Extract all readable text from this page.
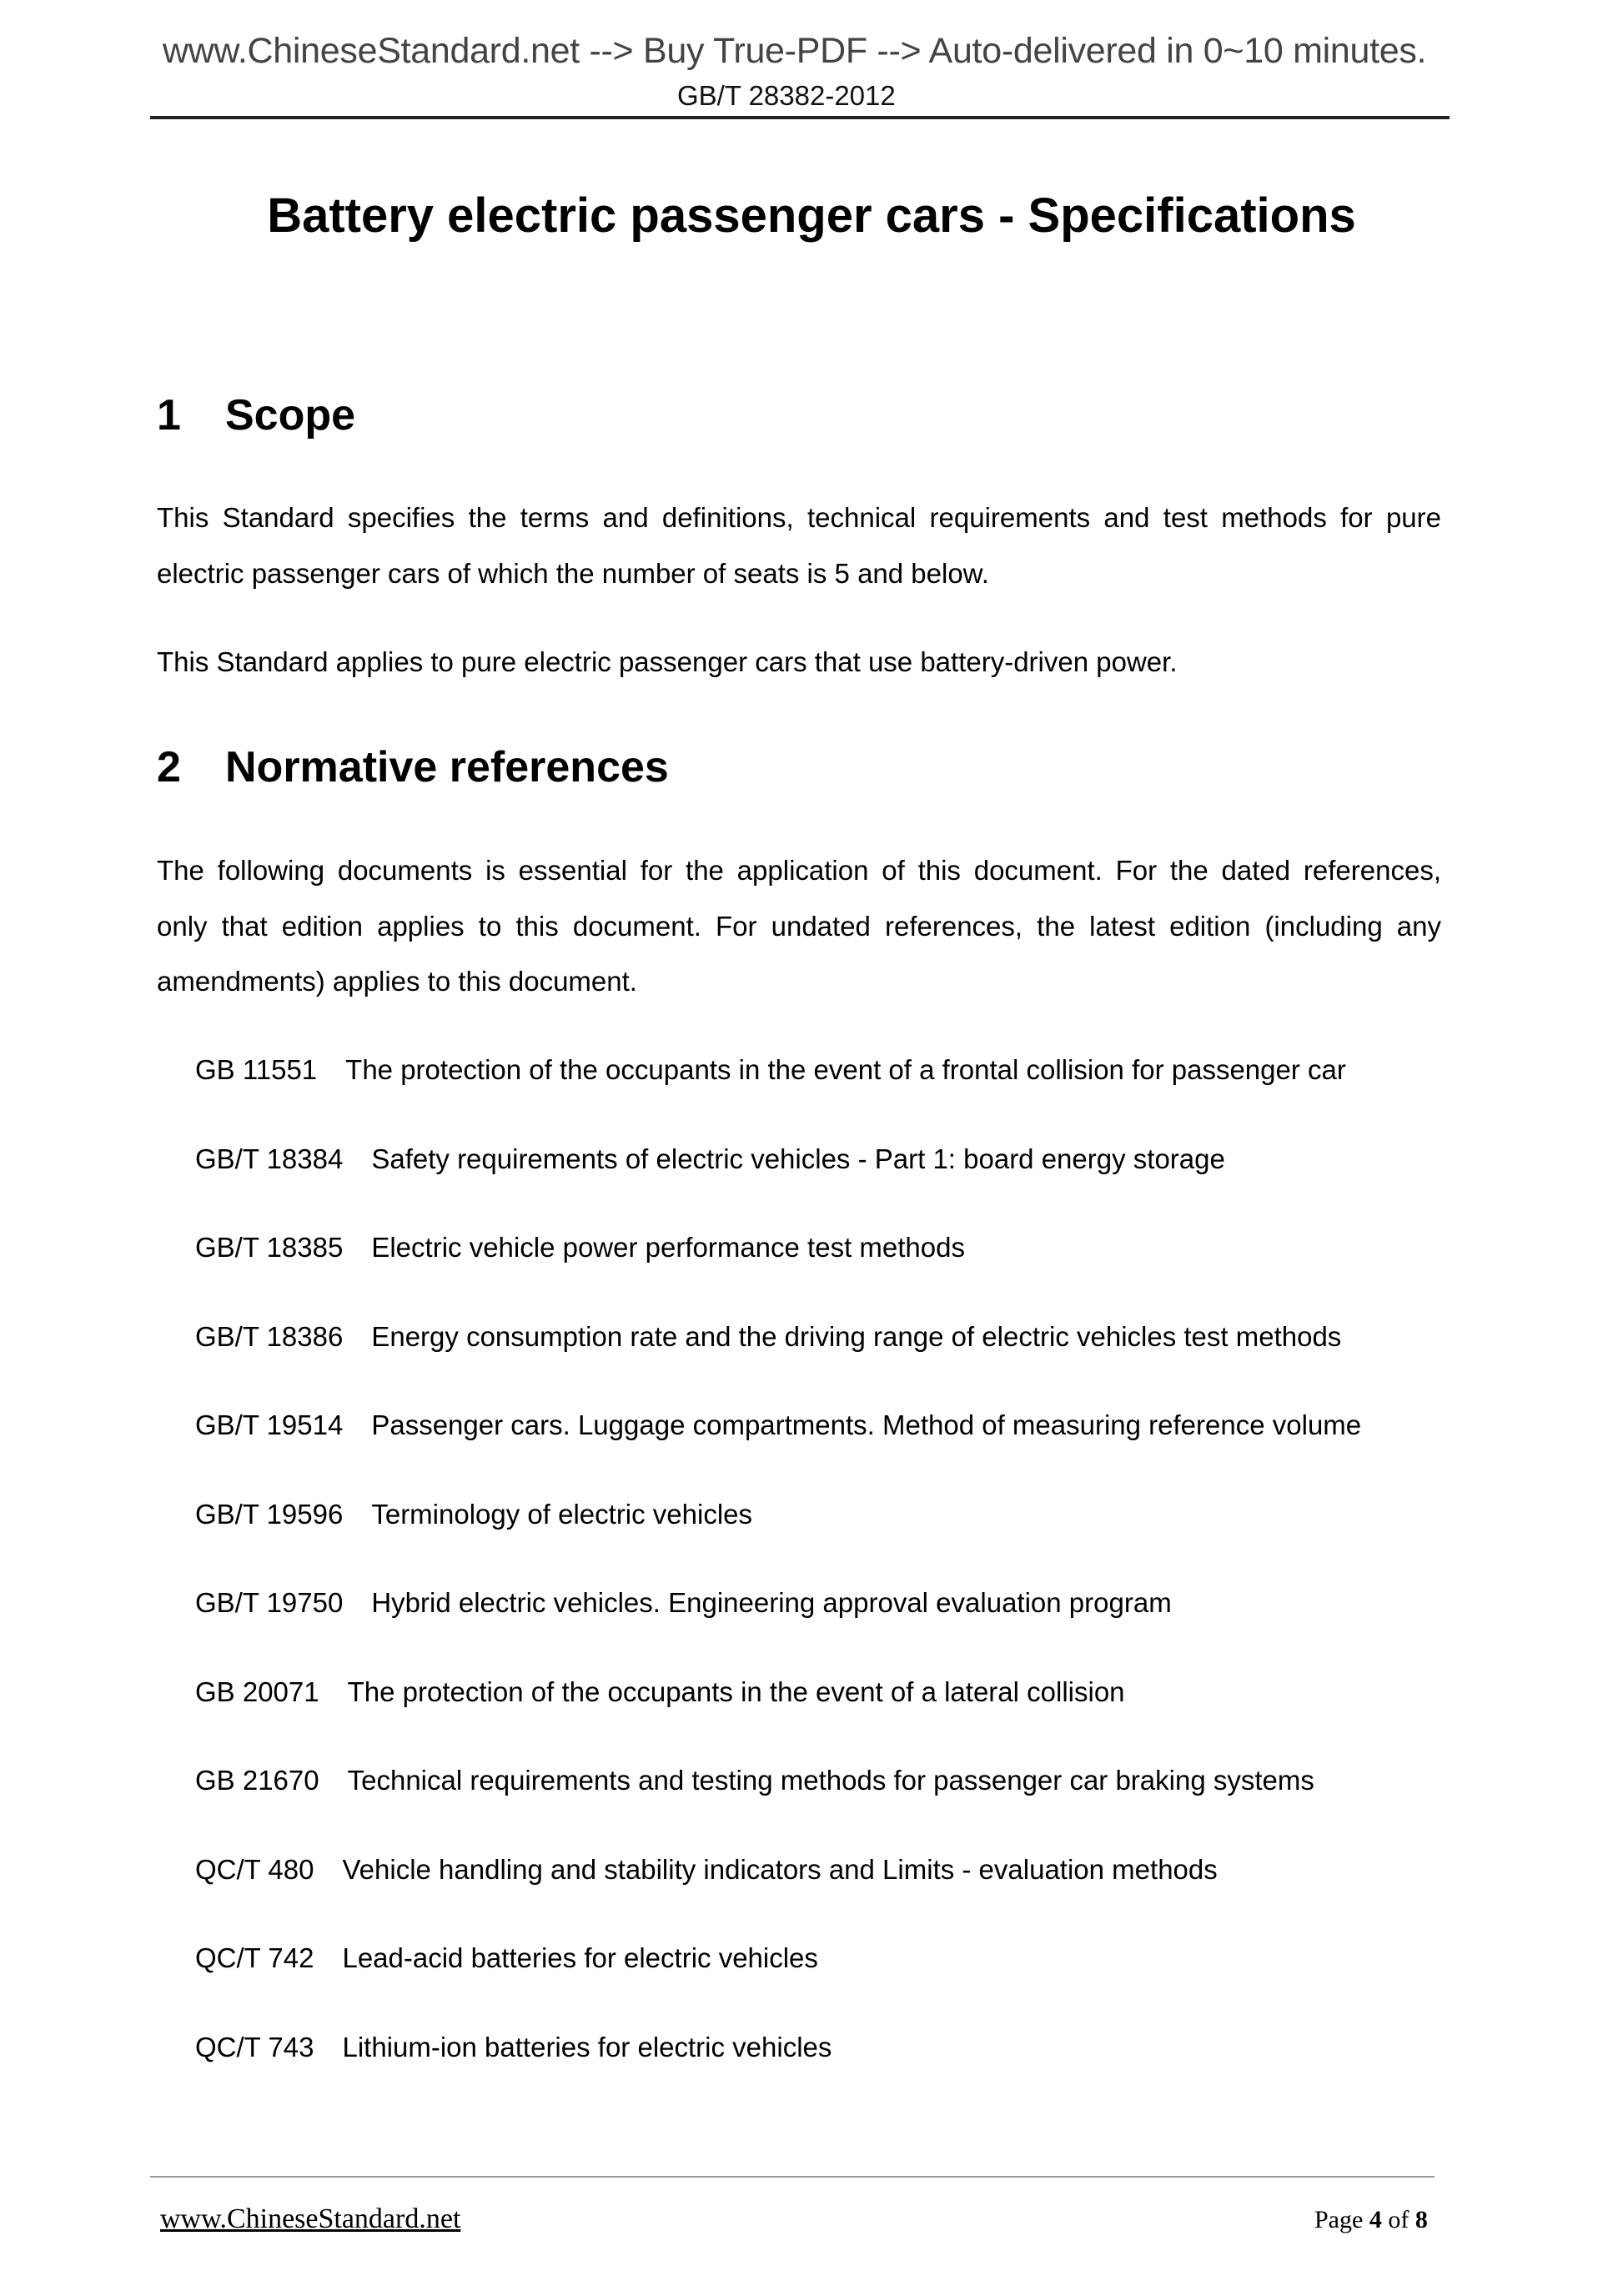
www.ChineseStandard.net --> Buy True-PDF --> Auto-delivered in 0~10 minutes.
GB/T 28382-2012
Battery electric passenger cars - Specifications
1 Scope
This Standard specifies the terms and definitions, technical requirements and test methods for pure
electric passenger cars of which the number of seats is 5 and below.
This Standard applies to pure electric passenger cars that use battery-driven power.
2 Normative references
The following documents is essential for the application of this document. For the dated references,
only that edition applies to this document. For undated references, the latest edition (including any
amendments) applies to this document.
GB 11551 The protection of the occupants in the event of a frontal collision for passenger car
GB/T 18384 Safety requirements of electric vehicles - Part 1: board energy storage
GB/T 18385 Electric vehicle power performance test methods
GB/T 18386 Energy consumption rate and the driving range of electric vehicles test methods
GB/T 19514 Passenger cars. Luggage compartments. Method of measuring reference volume
GB/T 19596 Terminology of electric vehicles
GB/T 19750 Hybrid electric vehicles. Engineering approval evaluation program
GB 20071 The protection of the occupants in the event of a lateral collision
GB 21670 Technical requirements and testing methods for passenger car braking systems
QC/T 480 Vehicle handling and stability indicators and Limits - evaluation methods
QC/T 742 Lead-acid batteries for electric vehicles
QC/T 743 Lithium-ion batteries for electric vehicles
www.ChineseStandard.net	Page 4 of 8
